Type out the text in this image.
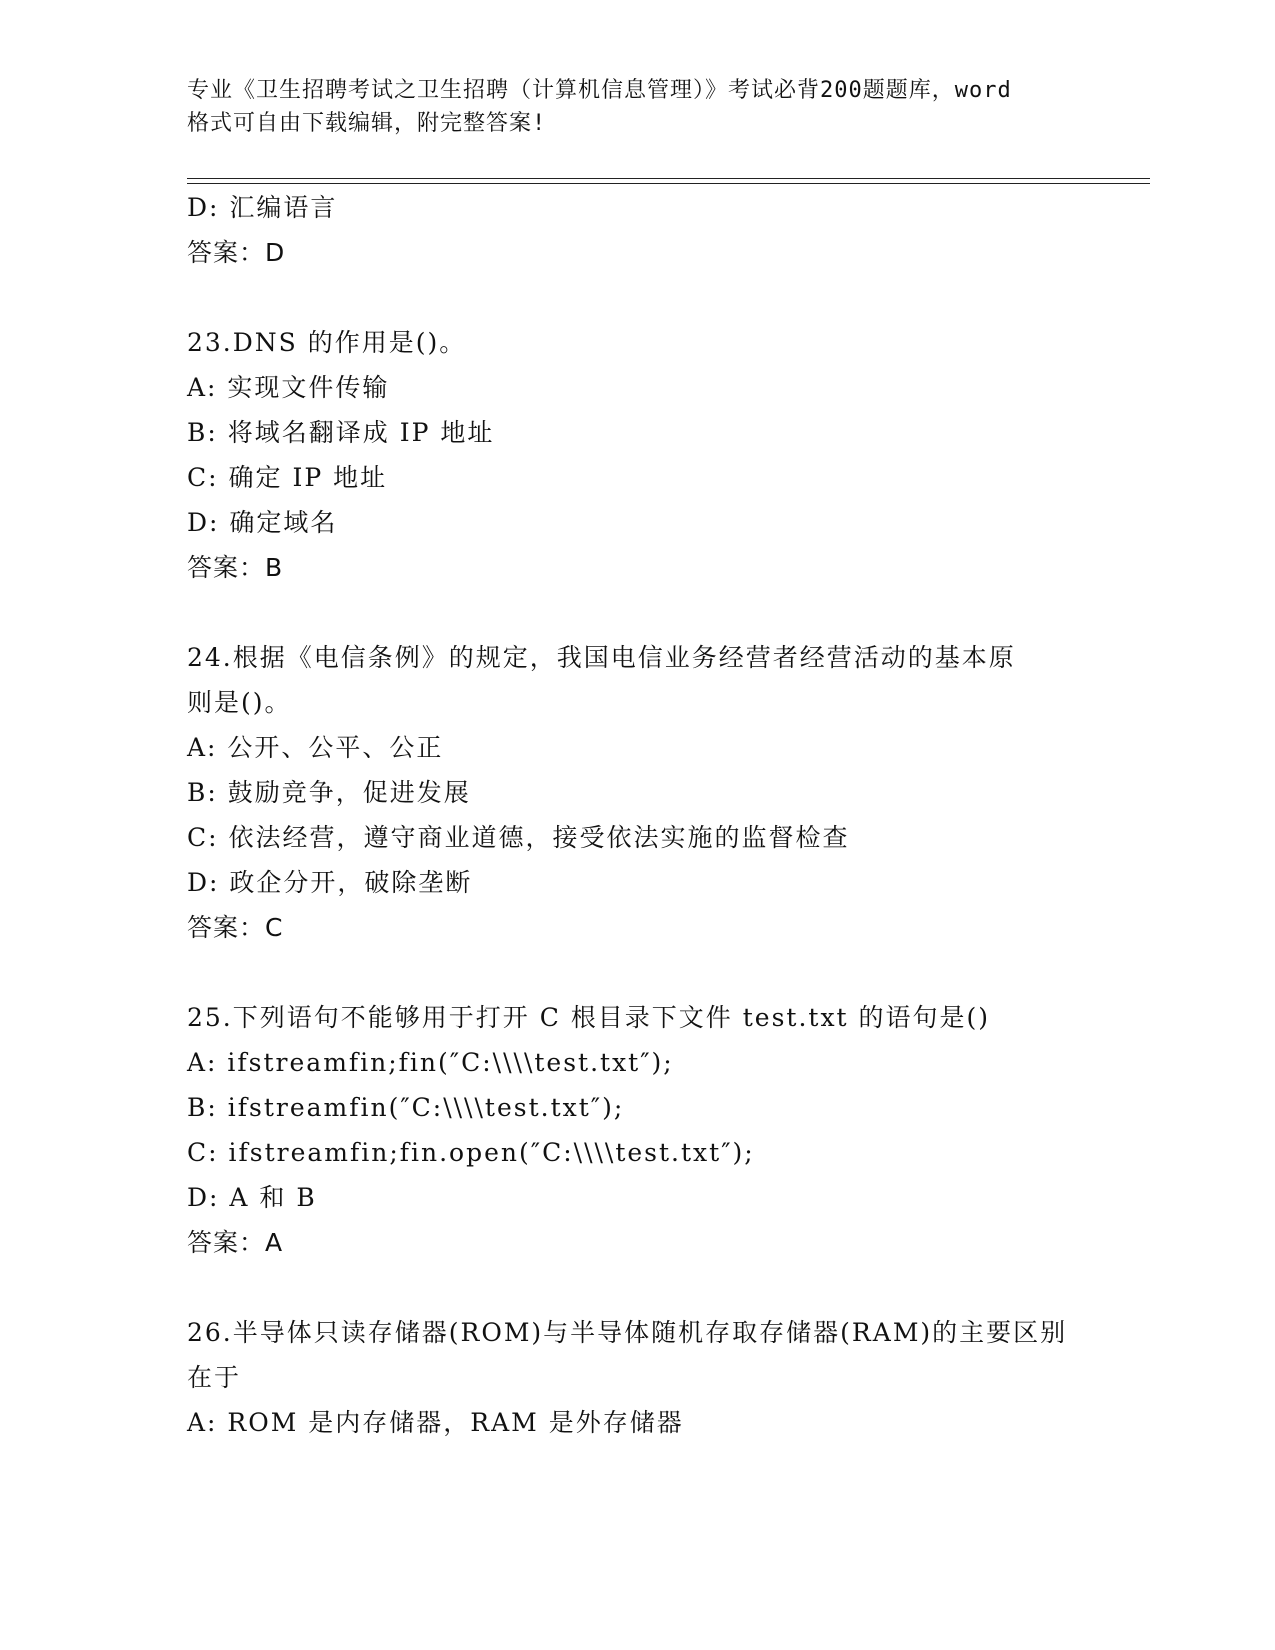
专业《卫生招聘考试之卫生招聘（计算机信息管理）》考试必背200题题库，word
格式可自由下载编辑，附完整答案!
D: 汇编语言
答案：D
23.DNS 的作用是()。
A: 实现文件传输
B: 将域名翻译成 IP 地址
C: 确定 IP 地址
D: 确定域名
答案：B
24.根据《电信条例》的规定，我国电信业务经营者经营活动的基本原
则是()。
A: 公开、公平、公正
B: 鼓励竞争，促进发展
C: 依法经营，遵守商业道德，接受依法实施的监督检查
D: 政企分开，破除垄断
答案：C
25.下列语句不能够用于打开 C 根目录下文件 test.txt 的语句是()
A: ifstreamfin;fin(″C:\\\\test.txt″);
B: ifstreamfin(″C:\\\\test.txt″);
C: ifstreamfin;fin.open(″C:\\\\test.txt″);
D: A 和 B
答案：A
26.半导体只读存储器(ROM)与半导体随机存取存储器(RAM)的主要区别
在于
A: ROM 是内存储器，RAM 是外存储器
